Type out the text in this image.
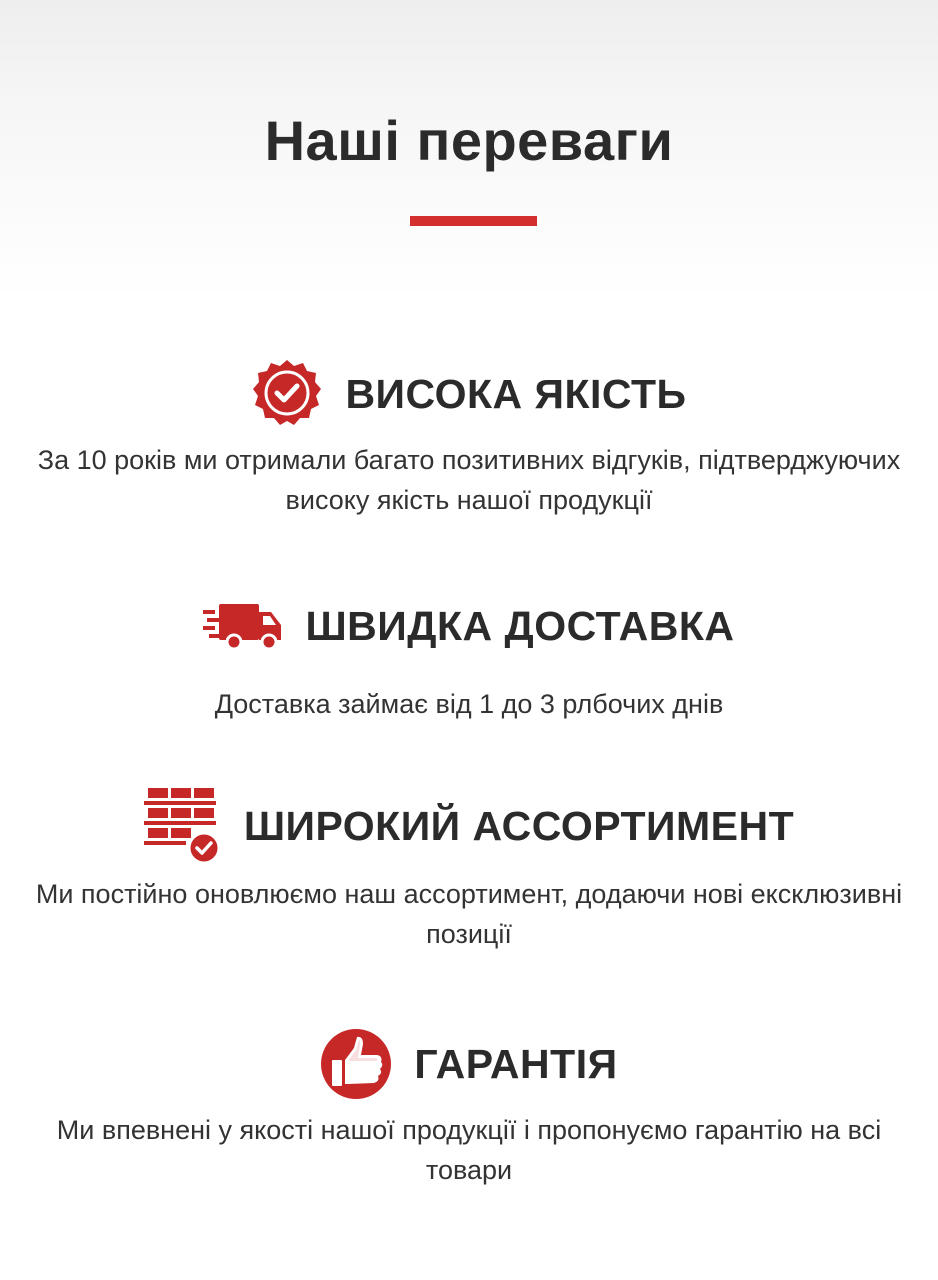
Наші переваги
ВИСОКА ЯКІСТЬ

За 10 років ми отримали багато позитивних відгуків, підтверджуючих високу якість нашої продукції

ШВИДКА ДОСТАВКА

Доставка займає від 1 до 3 рлбочих днів

ШИРОКИЙ АССОРТИМЕНТ

Ми постійно оновлюємо наш ассортимент, додаючи нові ексклюзивні позиції

ГАРАНТІЯ

Ми впевнені у якості нашої продукції і пропонуємо гарантію на всі товари
